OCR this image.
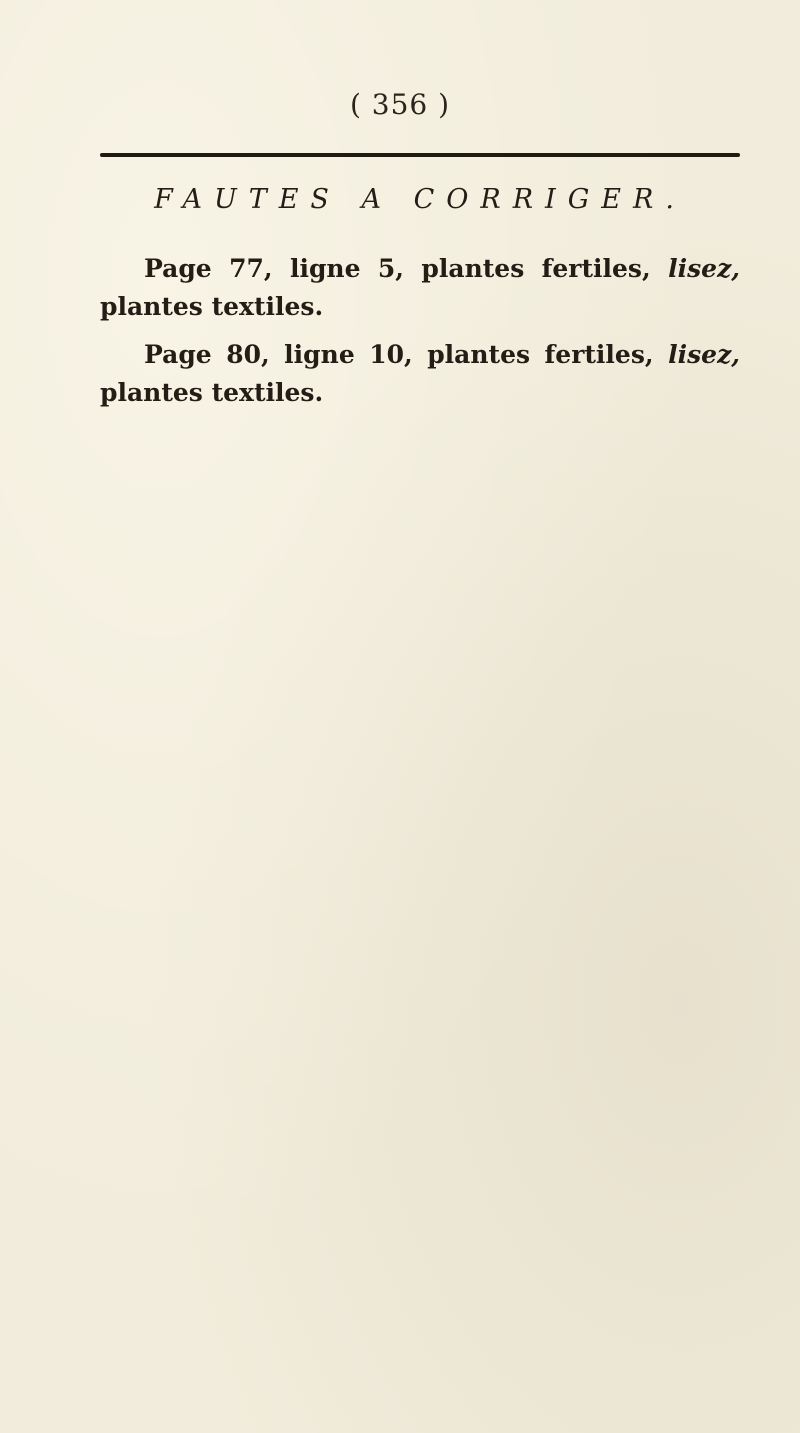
( 356 )
FAUTES A CORRIGER.

Page 77, ligne 5, plantes fertiles, lisez, plantes textiles.

Page 80, ligne 10, plantes fertiles, lisez, plantes textiles.
